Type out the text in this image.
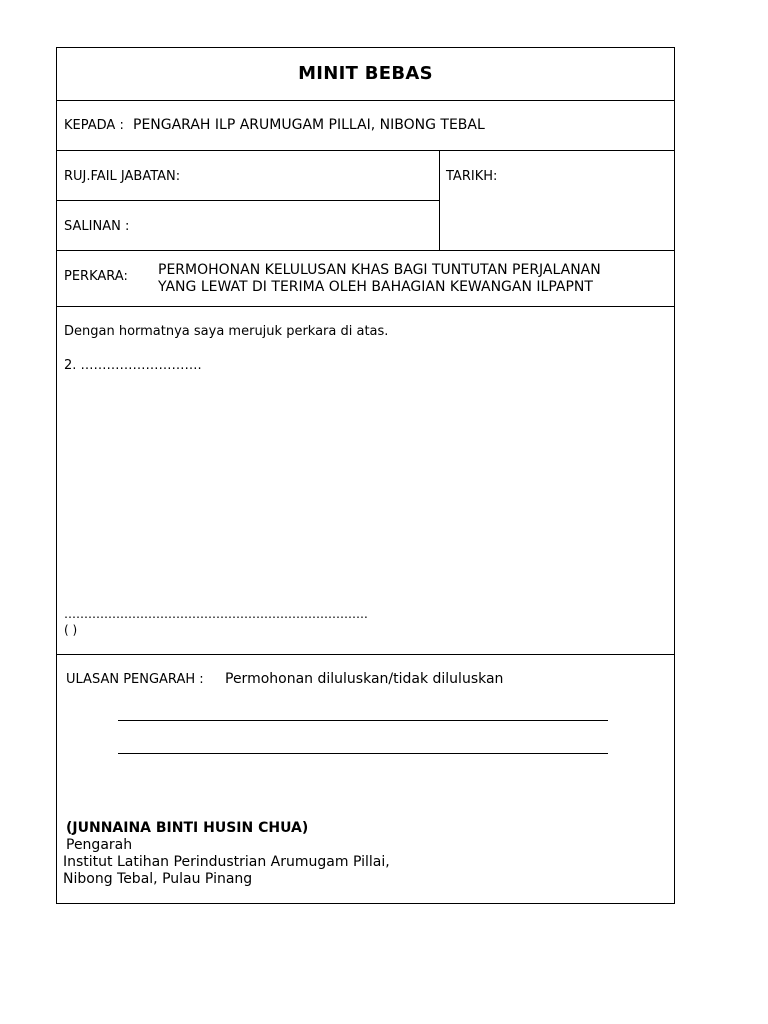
MINIT BEBAS
KEPADA : PENGARAH ILP ARUMUGAM PILLAI, NIBONG TEBAL
RUJ.FAIL JABATAN:	TARIKH:
SALINAN :
PERKARA: PERMOHONAN KELULUSAN KHAS BAGI TUNTUTAN PERJALANAN
YANG LEWAT DI TERIMA OLEH BAHAGIAN KEWANGAN ILPAPNT
Dengan hormatnya saya merujuk perkara di atas.
2. ……………………….
………………………………………………………………….
( )
ULASAN PENGARAH : Permohonan diluluskan/tidak diluluskan
(JUNNAINA BINTI HUSIN CHUA)
Pengarah
Institut Latihan Perindustrian Arumugam Pillai,
Nibong Tebal, Pulau Pinang
